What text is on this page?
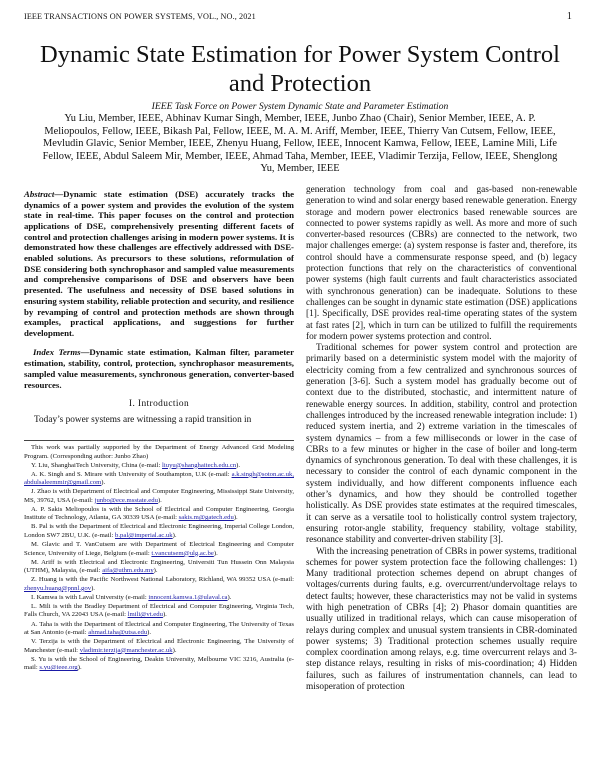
IEEE TRANSACTIONS ON POWER SYSTEMS, VOL., NO., 2021	1
Dynamic State Estimation for Power System Control and Protection
IEEE Task Force on Power System Dynamic State and Parameter Estimation
Yu Liu, Member, IEEE, Abhinav Kumar Singh, Member, IEEE, Junbo Zhao (Chair), Senior Member, IEEE, A. P. Meliopoulos, Fellow, IEEE, Bikash Pal, Fellow, IEEE, M. A. M. Ariff, Member, IEEE, Thierry Van Cutsem, Fellow, IEEE, Mevludin Glavic, Senior Member, IEEE, Zhenyu Huang, Fellow, IEEE, Innocent Kamwa, Fellow, IEEE, Lamine Mili, Life Fellow, IEEE, Abdul Saleem Mir, Member, IEEE, Ahmad Taha, Member, IEEE, Vladimir Terzija, Fellow, IEEE, Shenglong Yu, Member, IEEE

Abstract—Dynamic state estimation (DSE) accurately tracks the dynamics of a power system and provides the evolution of the system state in real-time. This paper focuses on the control and protection applications of DSE, comprehensively presenting different facets of control and protection challenges arising in modern power systems. It is demonstrated how these challenges are effectively addressed with DSE-enabled solutions. As precursors to these solutions, reformulation of DSE considering both synchrophasor and sampled value measurements and comprehensive comparisons of DSE and observers have been presented. The usefulness and necessity of DSE based solutions in ensuring system stability, reliable protection and security, and resilience by revamping of control and protection methods are shown through examples, practical applications, and suggestions for further development.

Index Terms—Dynamic state estimation, Kalman filter, parameter estimation, stability, control, protection, synchrophasor measurements, sampled value measurements, synchronous generation, converter-based resources.

I. Introduction

Today’s power systems are witnessing a rapid transition in

This work was partially supported by the Department of Energy Advanced Grid Modeling Program. (Corresponding author: Junbo Zhao)

Y. Liu, ShanghaiTech University, China (e-mail: liuyu@shanghaitech.edu.cn).

A. K. Singh and S. Mirare with University of Southampton, U.K (e-mail: a.k.singh@soton.ac.uk, abdulsaleemmir@gmail.com).

J. Zhao is with Department of Electrical and Computer Engineering, Mississippi State University, MS, 39762, USA (e-mail: junbo@ece.msstate.edu).

A. P. Sakis Meliopoulos is with the School of Electrical and Computer Engineering, Georgia Institute of Technology, Atlanta, GA 30339 USA (e-mail: sakis.m@gatech.edu).

B. Pal is with the Department of Electrical and Electronic Engineering, Imperial College London, London SW7 2BU, U.K. (e-mail: b.pal@imperial.ac.uk).

M. Glavic and T. VanCutsem are with Department of Electrical Engineering and Computer Science, University of Liege, Belgium (e-mail: t.vancutsem@ulg.ac.be).

M. Ariff is with Electrical and Electronic Engineering, Universiti Tun Hussein Onn Malaysia (UTHM), Malaysia, (e-mail: aifa@uthm.edu.my).

Z. Huang is with the Pacific Northwest National Laboratory, Richland, WA 99352 USA (e-mail: zhenyu.huang@pnnl.gov).

I. Kamwa is with Laval University (e-mail: innocent.kamwa.1@ulaval.ca).

L. Mili is with the Bradley Department of Electrical and Computer Engineering, Virginia Tech, Falls Church, VA 22043 USA (e-mail: lmili@vt.edu).

A. Taha is with the Department of Electrical and Computer Engineering, The University of Texas at San Antonio (e-mail: ahmad.taha@utsa.edu).

V. Terzija is with the Department of Electrical and Electronic Engineering, The University of Manchester (e-mail: vladimir.terzija@manchester.ac.uk).

S. Yu is with the School of Engineering, Deakin University, Melbourne VIC 3216, Australia (e-mail: s.yu@ieee.org).

generation technology from coal and gas-based non-renewable generation to wind and solar energy based renewable generation. Energy storage and modern power electronics based renewable sources are connected to power systems rapidly as well. As more and more of such converter-based resources (CBRs) are connected to the network, two major challenges emerge: (a) system response is faster and, therefore, its control should have a commensurate response speed, and (b) legacy protection functions that rely on the characteristics of conventional power systems (high fault currents and fault characteristics associated with synchronous generation) can be inadequate. Solutions to these challenges can be sought in dynamic state estimation (DSE) applications [1]. Specifically, DSE provides real-time operating states of the system at fast rates [2], which in turn can be utilized to fulfill the requirements for modern power systems protection and control.

Traditional schemes for power system control and protection are primarily based on a deterministic system model with the majority of electricity coming from a few centralized and synchronous sources of generation [3-6]. Such a system model has gradually become out of context due to the distributed, stochastic, and intermittent nature of renewable energy sources. In addition, stability, control and protection challenges introduced by the increased renewable integration include: 1) reduced system inertia, and 2) extreme variation in the timescales of system dynamics – from a few milliseconds or lower in the case of CBRs to a few minutes or higher in the case of boiler and long-term dynamics of synchronous generation. To deal with these challenges, it is necessary to consider the control of each dynamic component in the system individually, and how different components influence each other’s dynamics, and how they should be controlled together holistically. As DSE provides state estimates at the required timescales, it can serve as a versatile tool to holistically control system trajectory, ensuring rotor-angle stability, frequency stability, voltage stability, resonance stability and converter-driven stability [3].

With the increasing penetration of CBRs in power systems, traditional schemes for power system protection face the following challenges: 1) Many traditional protection schemes depend on abrupt changes of voltages/currents during faults, e.g. overcurrent/undervoltage relays to detect faults; however, these characteristics may not be valid in systems with high penetration of CBRs [4]; 2) Phasor domain quantities are usually utilized in traditional relays, which can cause misoperation of relays during complex and unusual system transients in CBR-dominated power systems; 3) Traditional protection schemes usually require complex coordination among relays, e.g. time overcurrent relays and 3-step distance relays, resulting in risks of mis-coordination; 4) Hidden failures, such as failures of instrumentation channels, can lead to misoperation of protection
